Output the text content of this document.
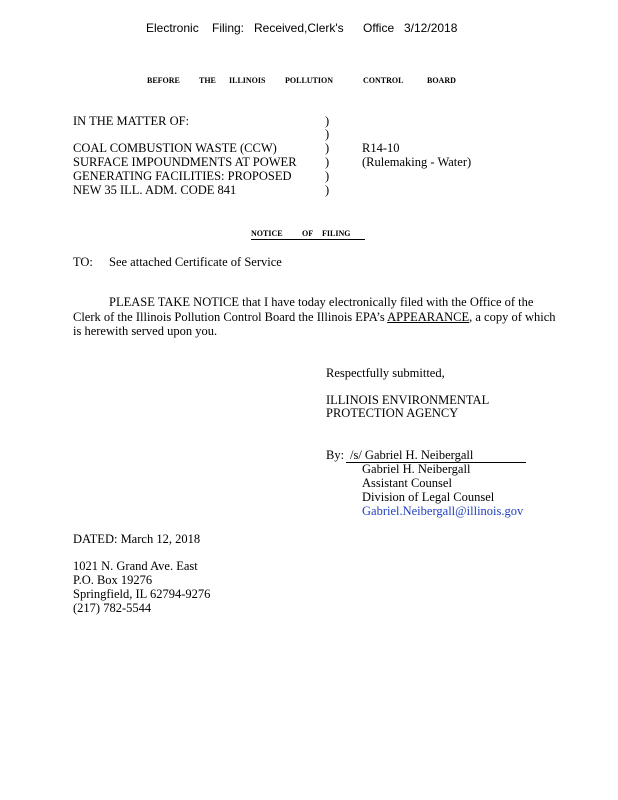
Electronic Filing: Received,Clerk's Office 3/12/2018
BEFORE THE ILLINOIS POLLUTION	CONTROL	BOARD
IN THE MATTER OF:
COAL COMBUSTION WASTE (CCW)
SURFACE IMPOUNDMENTS AT POWER
GENERATING FACILITIES: PROPOSED
NEW 35 ILL. ADM. CODE 841
)
)
)
)
)
)
R14-10
(Rulemaking - Water)
NOTICE OF FILING
TO: See attached Certificate of Service
PLEASE TAKE NOTICE that I have today electronically filed with the Office of the
Clerk of the Illinois Pollution Control Board the Illinois EPA’s APPEARANCE, a copy of which
is herewith served upon you.
Respectfully submitted,
ILLINOIS ENVIRONMENTAL
PROTECTION AGENCY
By: /s/ Gabriel H. Neibergall
Gabriel H. Neibergall
Assistant Counsel
Division of Legal Counsel
Gabriel.Neibergall@illinois.gov
DATED: March 12, 2018
1021 N. Grand Ave. East
P.O. Box 19276
Springfield, IL 62794-9276
(217) 782-5544
